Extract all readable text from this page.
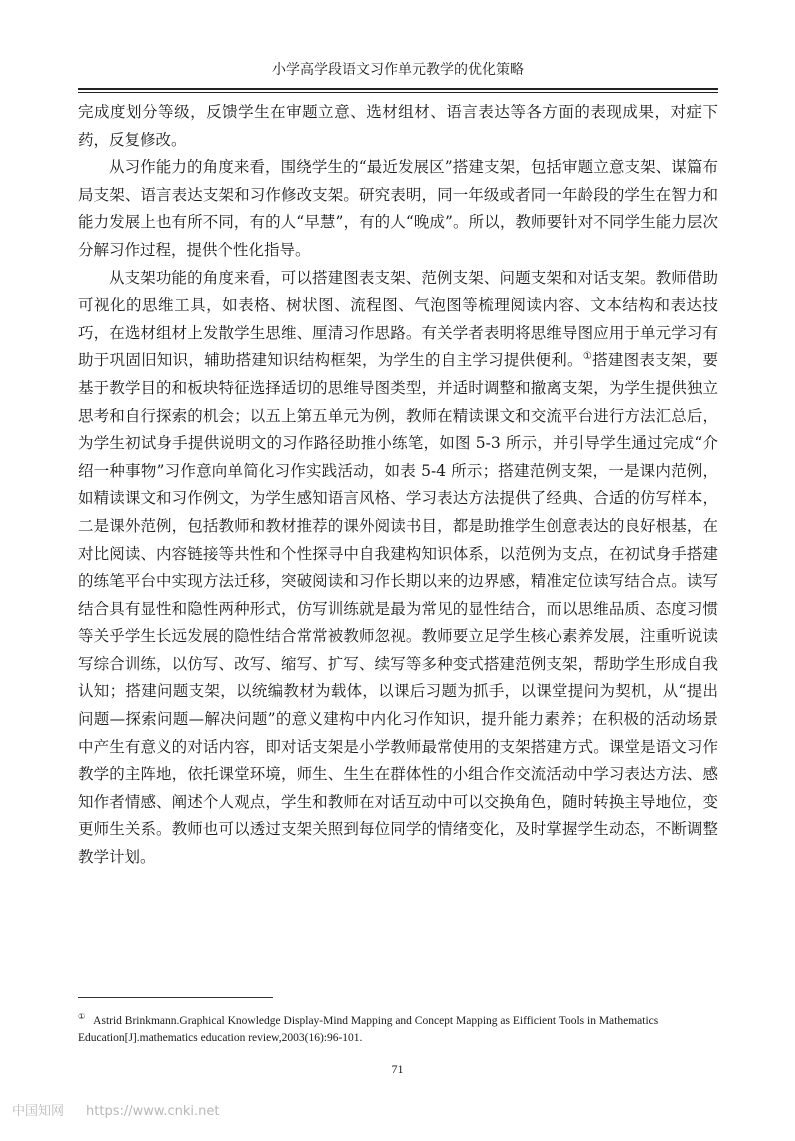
小学高学段语文习作单元教学的优化策略

完成度划分等级，反馈学生在审题立意、选材组材、语言表达等各方面的表现成果，对症下药，反复修改。

从习作能力的角度来看，围绕学生的“最近发展区”搭建支架，包括审题立意支架、谋篇布局支架、语言表达支架和习作修改支架。研究表明，同一年级或者同一年龄段的学生在智力和能力发展上也有所不同，有的人“早慧”，有的人“晚成”。所以，教师要针对不同学生能力层次分解习作过程，提供个性化指导。

从支架功能的角度来看，可以搭建图表支架、范例支架、问题支架和对话支架。教师借助可视化的思维工具，如表格、树状图、流程图、气泡图等梳理阅读内容、文本结构和表达技巧，在选材组材上发散学生思维、厘清习作思路。有关学者表明将思维导图应用于单元学习有助于巩固旧知识，辅助搭建知识结构框架，为学生的自主学习提供便利。①搭建图表支架，要基于教学目的和板块特征选择适切的思维导图类型，并适时调整和撤离支架，为学生提供独立思考和自行探索的机会；以五上第五单元为例，教师在精读课文和交流平台进行方法汇总后，为学生初试身手提供说明文的习作路径助推小练笔，如图 5-3 所示，并引导学生通过完成“介绍一种事物”习作意向单简化习作实践活动，如表 5-4 所示；搭建范例支架，一是课内范例，如精读课文和习作例文，为学生感知语言风格、学习表达方法提供了经典、合适的仿写样本，二是课外范例，包括教师和教材推荐的课外阅读书目，都是助推学生创意表达的良好根基，在对比阅读、内容链接等共性和个性探寻中自我建构知识体系，以范例为支点，在初试身手搭建的练笔平台中实现方法迁移，突破阅读和习作长期以来的边界感，精准定位读写结合点。读写结合具有显性和隐性两种形式，仿写训练就是最为常见的显性结合，而以思维品质、态度习惯等关乎学生长远发展的隐性结合常常被教师忽视。教师要立足学生核心素养发展，注重听说读写综合训练，以仿写、改写、缩写、扩写、续写等多种变式搭建范例支架，帮助学生形成自我认知；搭建问题支架，以统编教材为载体，以课后习题为抓手，以课堂提问为契机，从“提出问题—探索问题—解决问题”的意义建构中内化习作知识，提升能力素养；在积极的活动场景中产生有意义的对话内容，即对话支架是小学教师最常使用的支架搭建方式。课堂是语文习作教学的主阵地，依托课堂环境，师生、生生在群体性的小组合作交流活动中学习表达方法、感知作者情感、阐述个人观点，学生和教师在对话互动中可以交换角色，随时转换主导地位，变更师生关系。教师也可以透过支架关照到每位同学的情绪变化，及时掌握学生动态，不断调整教学计划。

① Astrid Brinkmann.Graphical Knowledge Display-Mind Mapping and Concept Mapping as Eifficient Tools in Mathematics Education[J].mathematics education review,2003(16):96-101.
71
中国知网 https://www.cnki.net
